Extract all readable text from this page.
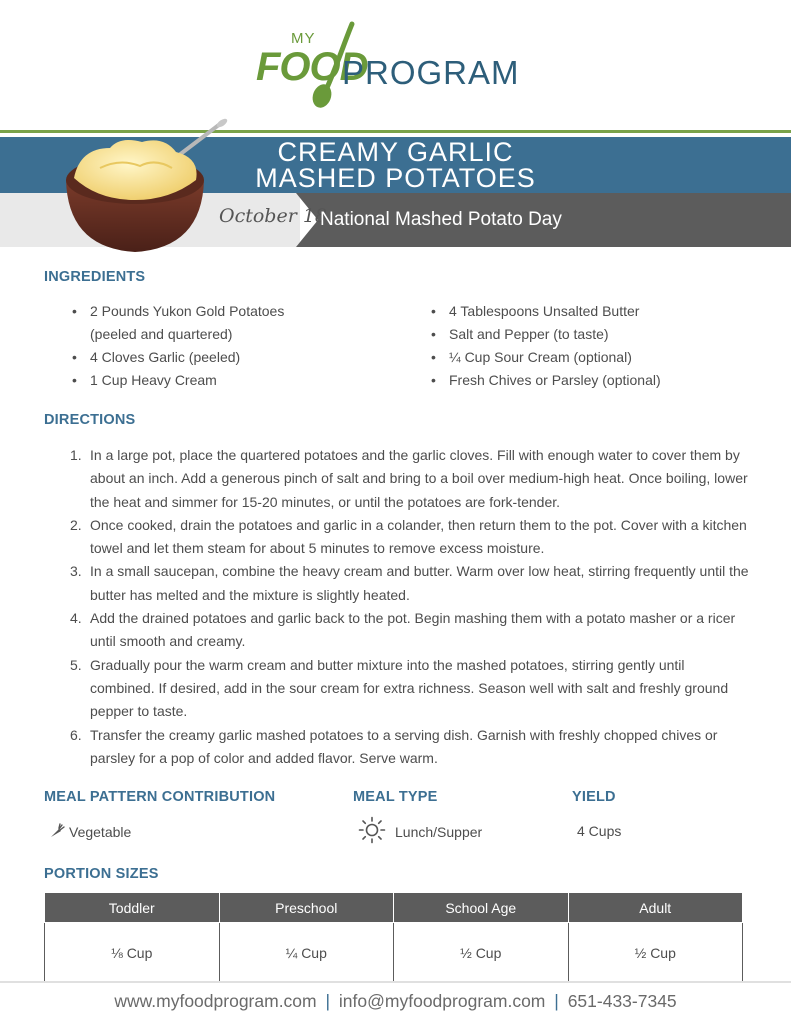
MY
FOOD
PROGRAM
CREAMY GARLIC
MASHED POTATOES
October 18
National Mashed Potato Day
INGREDIENTS
• 2 Pounds Yukon Gold Potatoes (peeled and quartered)
• 4 Cloves Garlic (peeled)
• 1 Cup Heavy Cream
• 4 Tablespoons Unsalted Butter
• Salt and Pepper (to taste)
• ¼ Cup Sour Cream (optional)
• Fresh Chives or Parsley (optional)
DIRECTIONS
1. In a large pot, place the quartered potatoes and the garlic cloves. Fill with enough water to cover them by about an inch. Add a generous pinch of salt and bring to a boil over medium-high heat. Once boiling, lower the heat and simmer for 15-20 minutes, or until the potatoes are fork-tender.
2. Once cooked, drain the potatoes and garlic in a colander, then return them to the pot. Cover with a kitchen towel and let them steam for about 5 minutes to remove excess moisture.
3. In a small saucepan, combine the heavy cream and butter. Warm over low heat, stirring frequently until the butter has melted and the mixture is slightly heated.
4. Add the drained potatoes and garlic back to the pot. Begin mashing them with a potato masher or a ricer until smooth and creamy.
5. Gradually pour the warm cream and butter mixture into the mashed potatoes, stirring gently until combined. If desired, add in the sour cream for extra richness. Season well with salt and freshly ground pepper to taste.
6. Transfer the creamy garlic mashed potatoes to a serving dish. Garnish with freshly chopped chives or parsley for a pop of color and added flavor. Serve warm.
MEAL PATTERN CONTRIBUTION	MEAL TYPE	YIELD
Vegetable	Lunch/Supper	4 Cups
PORTION SIZES
Toddler	Preschool	School Age	Adult
⅛ Cup	¼ Cup	½ Cup	½ Cup
www.myfoodprogram.com | info@myfoodprogram.com | 651-433-7345
